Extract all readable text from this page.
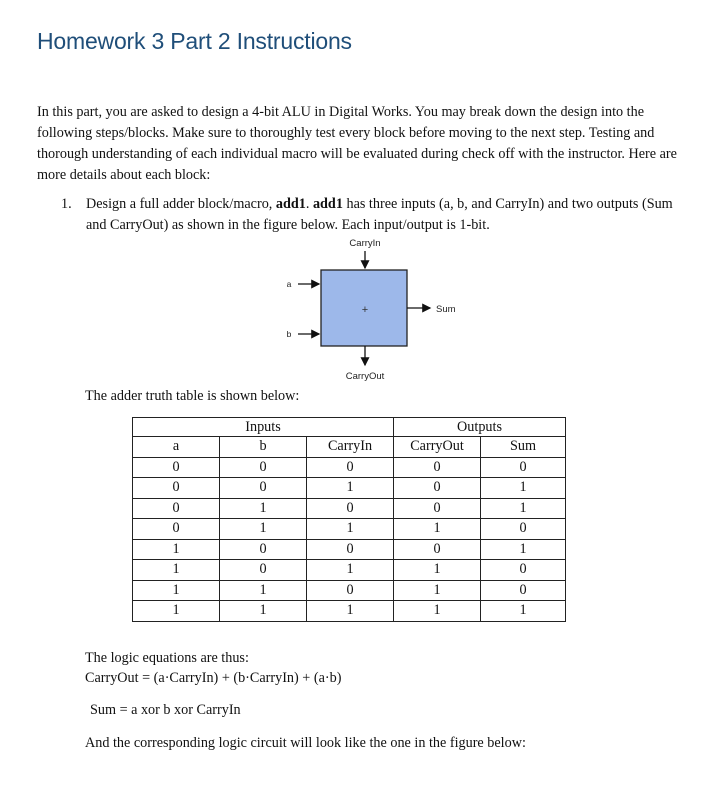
Homework 3 Part 2 Instructions

In this part, you are asked to design a 4-bit ALU in Digital Works. You may break down the design into the following steps/blocks. Make sure to thoroughly test every block before moving to the next step. Testing and thorough understanding of each individual macro will be evaluated during check off with the instructor. Here are more details about each block:

1. Design a full adder block/macro, add1. add1 has three inputs (a, b, and CarryIn) and two outputs (Sum and CarryOut) as shown in the figure below. Each input/output is 1-bit.
CarryIn
a
b
+	Sum
CarryOut
The adder truth table is shown below:
Inputs			Outputs	
a	b	CarryIn	CarryOut	Sum
0	0	0	0	0
0	0	1	0	1
0	1	0	0	1
0	1	1	1	0
1	0	0	0	1
1	0	1	1	0
1	1	0	1	0
1	1	1	1	1
The logic equations are thus:
CarryOut = (a·CarryIn) + (b·CarryIn) + (a·b)
Sum = a xor b xor CarryIn
And the corresponding logic circuit will look like the one in the figure below:
